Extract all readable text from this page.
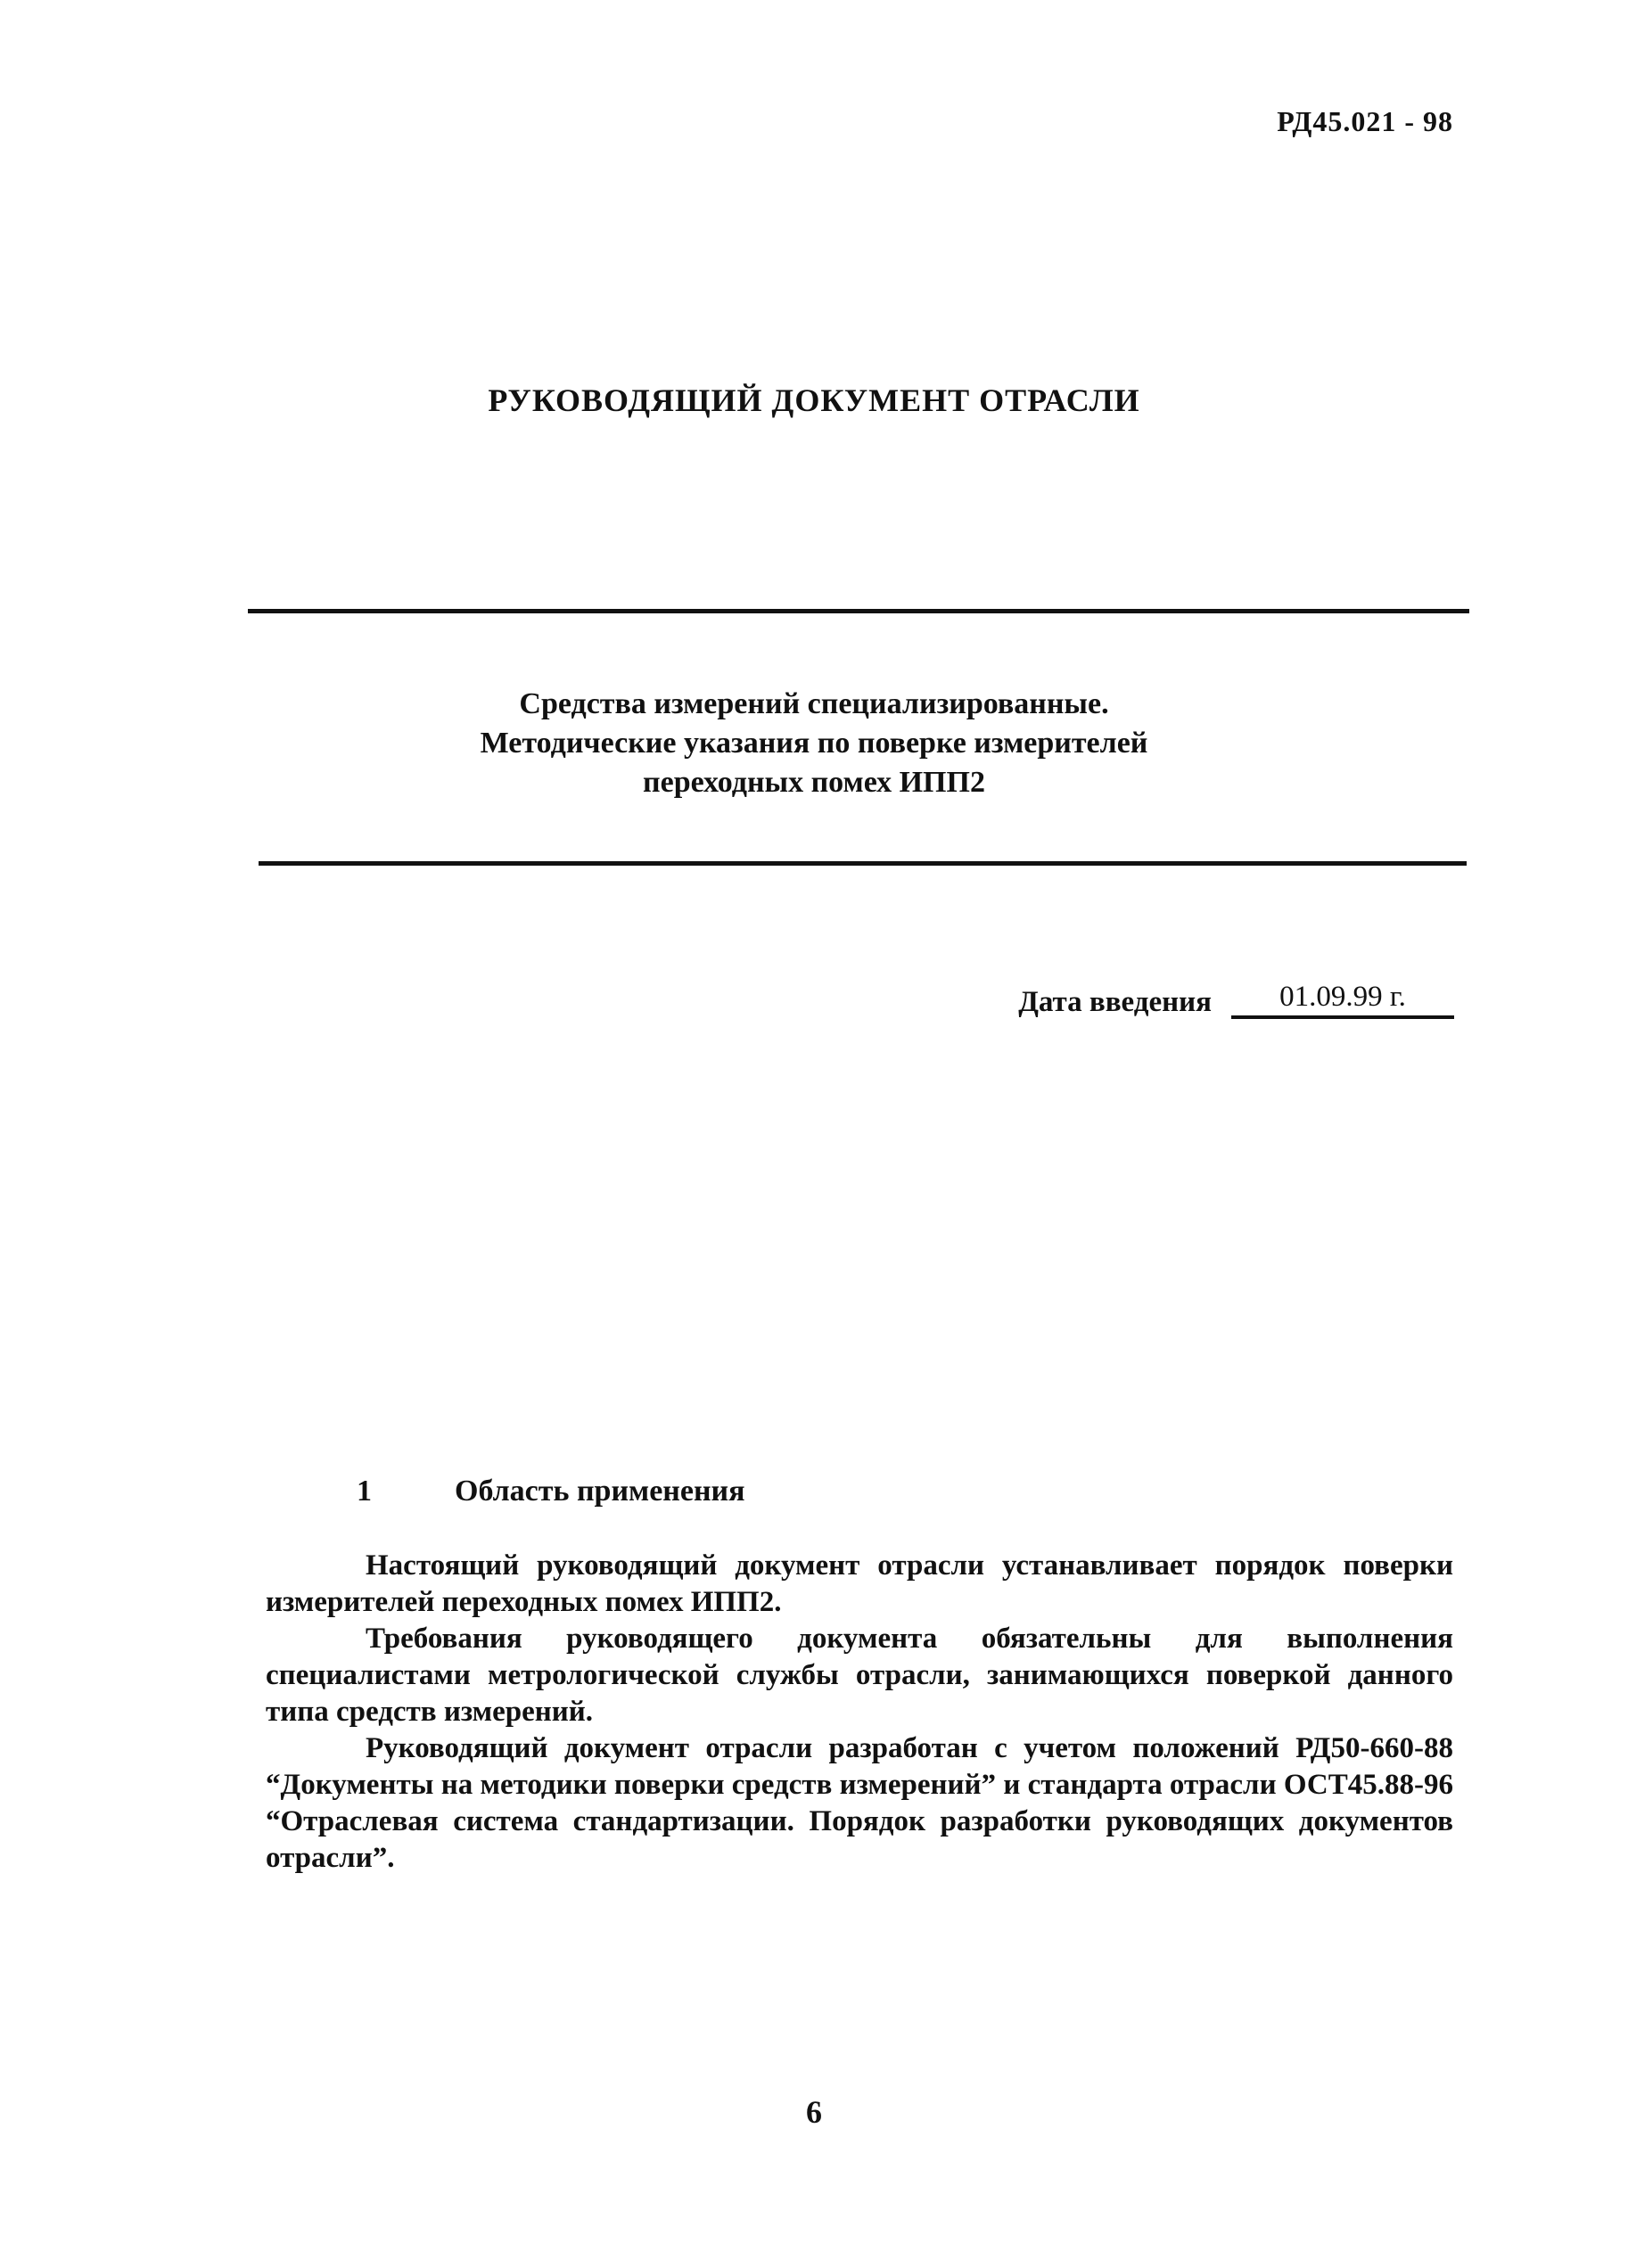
РД45.021 - 98
РУКОВОДЯЩИЙ ДОКУМЕНТ ОТРАСЛИ
Средства измерений специализированные.
Методические указания по поверке измерителей
переходных помех ИПП2
Дата введения	01.09.99 г.
1	Область применения

Настоящий руководящий документ отрасли устанавливает порядок поверки измерителей переходных помех ИПП2.

Требования руководящего документа обязательны для выполнения специалистами метрологической службы отрасли, занимающихся поверкой данного типа средств измерений.

Руководящий документ отрасли разработан с учетом положений РД50-660-88 “Документы на методики поверки средств измерений” и стандарта отрасли ОСТ45.88-96 “Отраслевая система стандартизации. Порядок разработки руководящих документов отрасли”.

6
